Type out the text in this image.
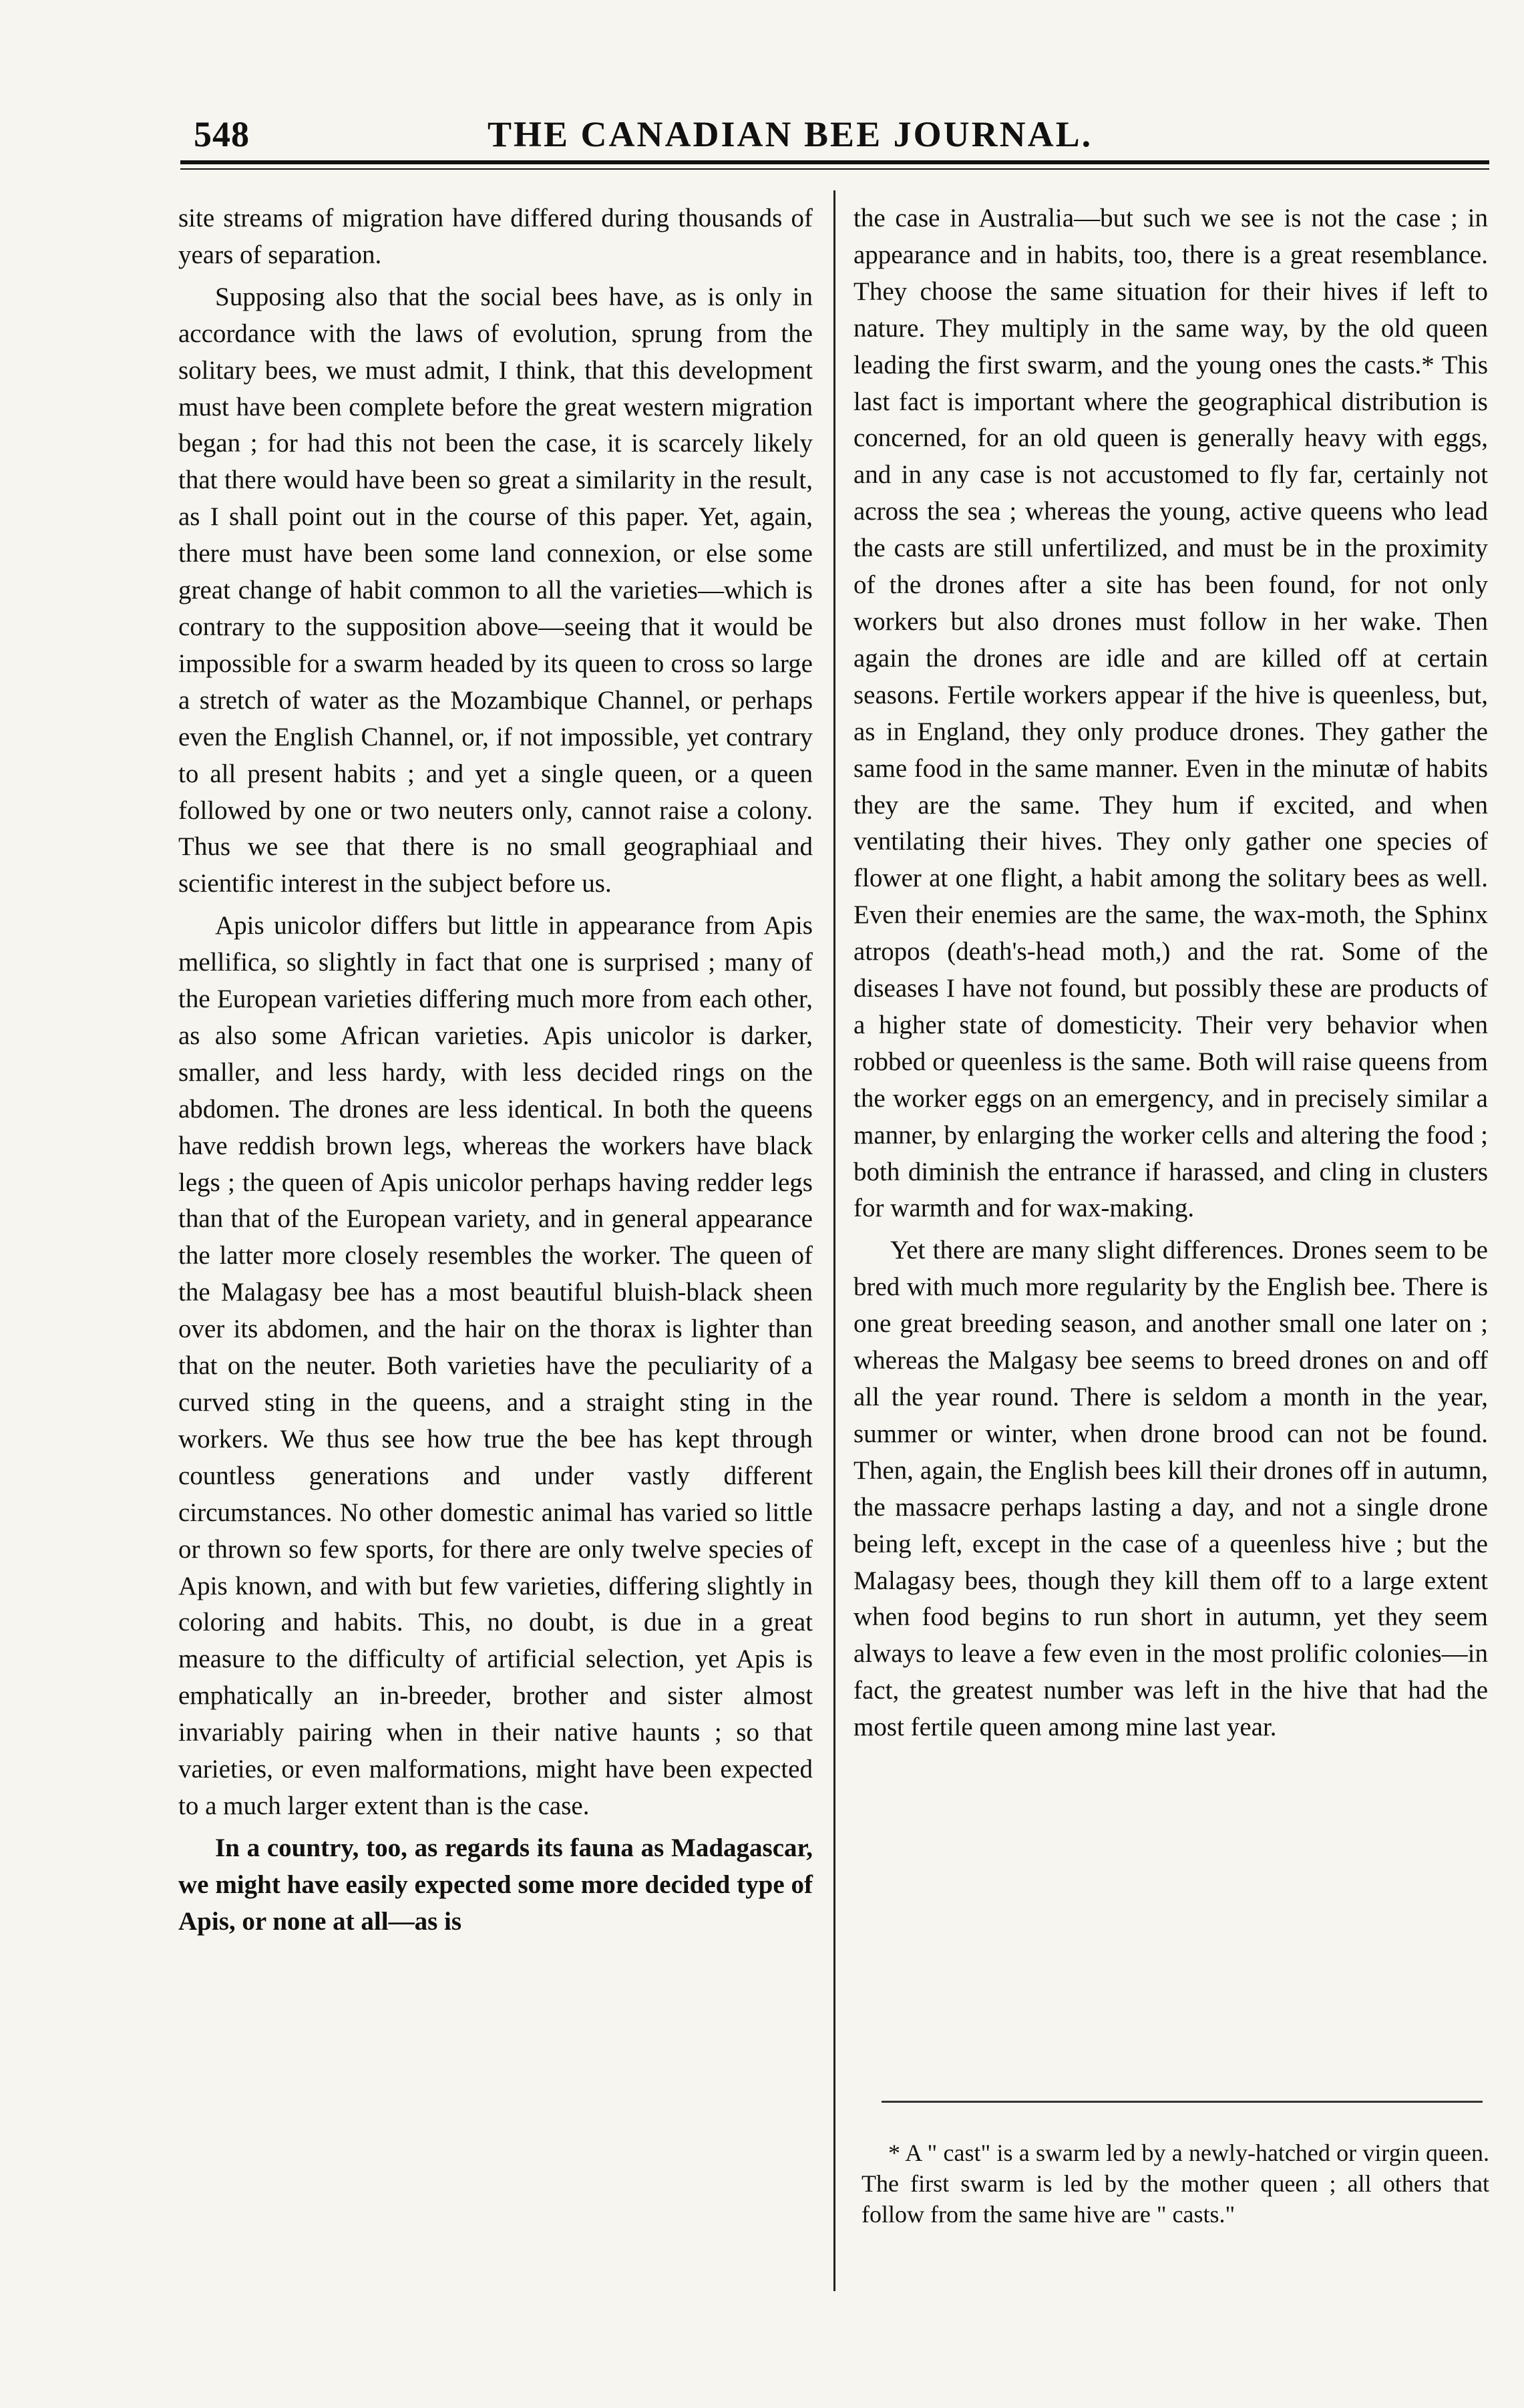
548	THE CANADIAN BEE JOURNAL.

site streams of migration have differed during thousands of years of separation.

Supposing also that the social bees have, as is only in accordance with the laws of evolution, sprung from the solitary bees, we must admit, I think, that this development must have been complete before the great western migration began ; for had this not been the case, it is scarcely likely that there would have been so great a similarity in the result, as I shall point out in the course of this paper. Yet, again, there must have been some land connexion, or else some great change of habit common to all the varieties—which is contrary to the supposition above—seeing that it would be impossible for a swarm headed by its queen to cross so large a stretch of water as the Mozambique Channel, or perhaps even the English Channel, or, if not impossible, yet contrary to all present habits ; and yet a single queen, or a queen followed by one or two neuters only, cannot raise a colony. Thus we see that there is no small geographiaal and scientific interest in the subject before us.

Apis unicolor differs but little in appearance from Apis mellifica, so slightly in fact that one is surprised ; many of the European varieties differing much more from each other, as also some African varieties. Apis unicolor is darker, smaller, and less hardy, with less decided rings on the abdomen. The drones are less identical. In both the queens have reddish brown legs, whereas the workers have black legs ; the queen of Apis unicolor perhaps having redder legs than that of the European variety, and in general appearance the latter more closely resembles the worker. The queen of the Malagasy bee has a most beautiful bluish-black sheen over its abdomen, and the hair on the thorax is lighter than that on the neuter. Both varieties have the peculiarity of a curved sting in the queens, and a straight sting in the workers. We thus see how true the bee has kept through countless generations and under vastly different circumstances. No other domestic animal has varied so little or thrown so few sports, for there are only twelve species of Apis known, and with but few varieties, differing slightly in coloring and habits. This, no doubt, is due in a great measure to the difficulty of artificial selection, yet Apis is emphatically an in-breeder, brother and sister almost invariably pairing when in their native haunts ; so that varieties, or even malformations, might have been expected to a much larger extent than is the case.

In a country, too, as regards its fauna as Madagascar, we might have easily expected some more decided type of Apis, or none at all—as is

the case in Australia—but such we see is not the case ; in appearance and in habits, too, there is a great resemblance. They choose the same situation for their hives if left to nature. They multiply in the same way, by the old queen leading the first swarm, and the young ones the casts.* This last fact is important where the geographical distribution is concerned, for an old queen is generally heavy with eggs, and in any case is not accustomed to fly far, certainly not across the sea ; whereas the young, active queens who lead the casts are still unfertilized, and must be in the proximity of the drones after a site has been found, for not only workers but also drones must follow in her wake. Then again the drones are idle and are killed off at certain seasons. Fertile workers appear if the hive is queenless, but, as in England, they only produce drones. They gather the same food in the same manner. Even in the minutæ of habits they are the same. They hum if excited, and when ventilating their hives. They only gather one species of flower at one flight, a habit among the solitary bees as well. Even their enemies are the same, the wax-moth, the Sphinx atropos (death's-head moth,) and the rat. Some of the diseases I have not found, but possibly these are products of a higher state of domesticity. Their very behavior when robbed or queenless is the same. Both will raise queens from the worker eggs on an emergency, and in precisely similar a manner, by enlarging the worker cells and altering the food ; both diminish the entrance if harassed, and cling in clusters for warmth and for wax-making.

Yet there are many slight differences. Drones seem to be bred with much more regularity by the English bee. There is one great breeding season, and another small one later on ; whereas the Malgasy bee seems to breed drones on and off all the year round. There is seldom a month in the year, summer or winter, when drone brood can not be found. Then, again, the English bees kill their drones off in autumn, the massacre perhaps lasting a day, and not a single drone being left, except in the case of a queenless hive ; but the Malagasy bees, though they kill them off to a large extent when food begins to run short in autumn, yet they seem always to leave a few even in the most prolific colonies—in fact, the greatest number was left in the hive that had the most fertile queen among mine last year.

* A " cast" is a swarm led by a newly-hatched or virgin queen. The first swarm is led by the mother queen ; all others that follow from the same hive are " casts."
